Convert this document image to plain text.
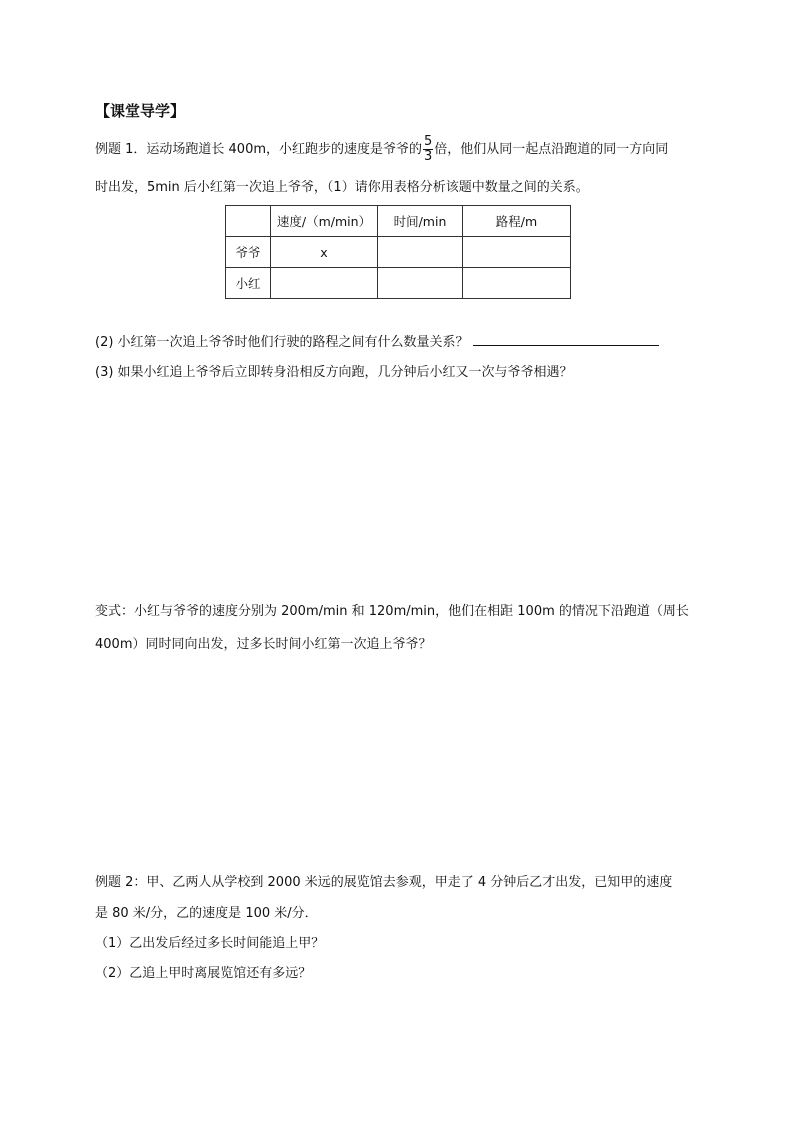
【课堂导学】
例题 1．运动场跑道长 400m，小红跑步的速度是爷爷的 $\frac{5}{3}$ 倍，他们从同一起点沿跑道的同一方向同
时出发，5min 后小红第一次追上爷爷，（1）请你用表格分析该题中数量之间的关系。
	速度/（m/min）	时间/min	路程/m
爷爷	x		
小红			
(2) 小红第一次追上爷爷时他们行驶的路程之间有什么数量关系？
(3) 如果小红追上爷爷后立即转身沿相反方向跑，几分钟后小红又一次与爷爷相遇？
变式：小红与爷爷的速度分别为 200m/min 和 120m/min，他们在相距 100m 的情况下沿跑道（周长
400m）同时同向出发，过多长时间小红第一次追上爷爷？
例题 2：甲、乙两人从学校到 2000 米远的展览馆去参观，甲走了 4 分钟后乙才出发，已知甲的速度
是 80 米/分，乙的速度是 100 米/分．
（1）乙出发后经过多长时间能追上甲？
（2）乙追上甲时离展览馆还有多远？
